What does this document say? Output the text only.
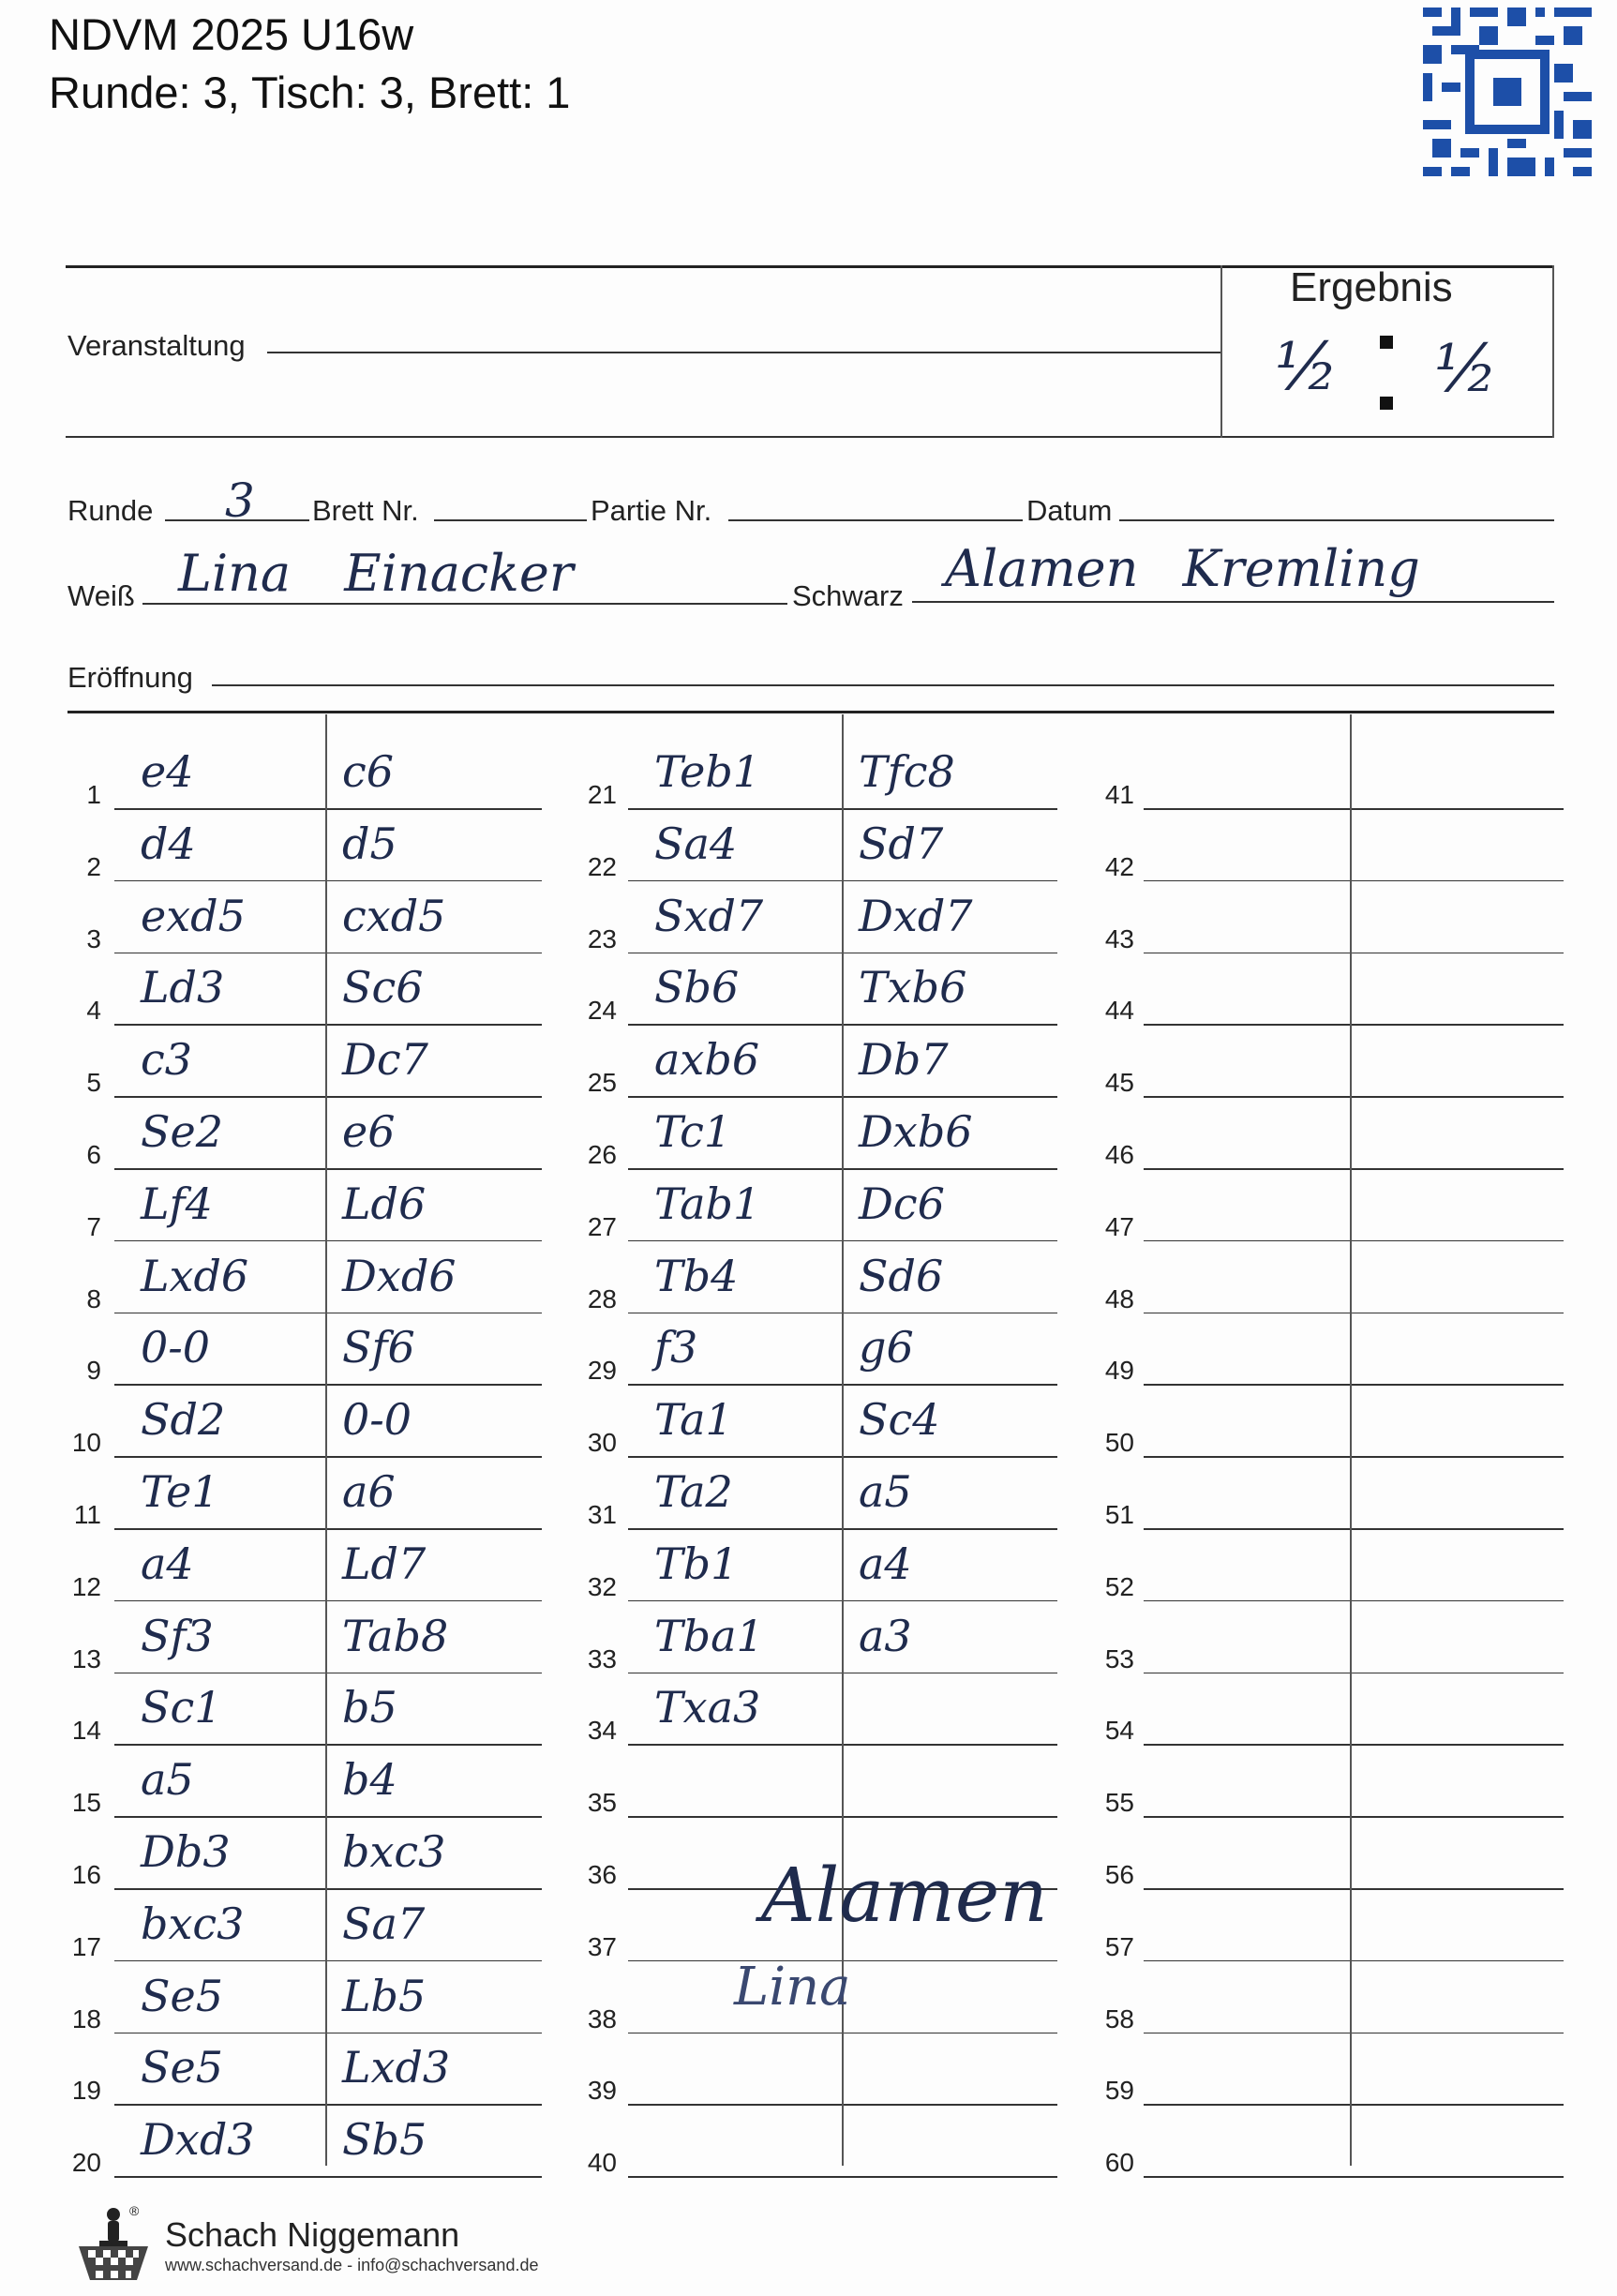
NDVM 2025 U16w
Runde: 3, Tisch: 3, Brett: 1
Veranstaltung
Ergebnis
½ ½
Runde 3 Brett Nr.	Partie Nr.	Datum
Weiß Lina Einacker	Schwarz Alamen Kremling
Eröffnung
1 e4	c6
2 d4	d5
3 exd5 cxd5
4 Ld3	Sc6
5 c3	Dc7
6 Se2	e6
7 Lf4	Ld6
8 Lxd6 Dxd6
9 0-0	Sf6
10 Sd2	0-0
11 Te1	a6
12 a4	Ld7
13 Sf3	Tab8
14 Sc1	b5
15 a5	b4
16 Db3	bxc3
17 bxc3 Sa7
18 Se5	Lb5
19 Se5	Lxd3
20 Dxd3 Sb5
21 Teb1 Tfc8
22 Sa4	Sd7
23 Sxd7 Dxd7
24 Sb6	Txb6
25 axb6 Db7
26 Tc1	Dxb6
27 Tab1 Dc6
28 Tb4	Sd6
29 f3	g6
30 Ta1	Sc4
31 Ta2	a5
32 Tb1	a4
33 Tba1 a3
34 Txa3
35
36
37
38
39
40
41
42
43
44
45
46
47
48
49
50
51
52
53
54
55
56
57
58
59
60
Alamen
Lina
®
Schach Niggemann
www.schachversand.de - info@schachversand.de
